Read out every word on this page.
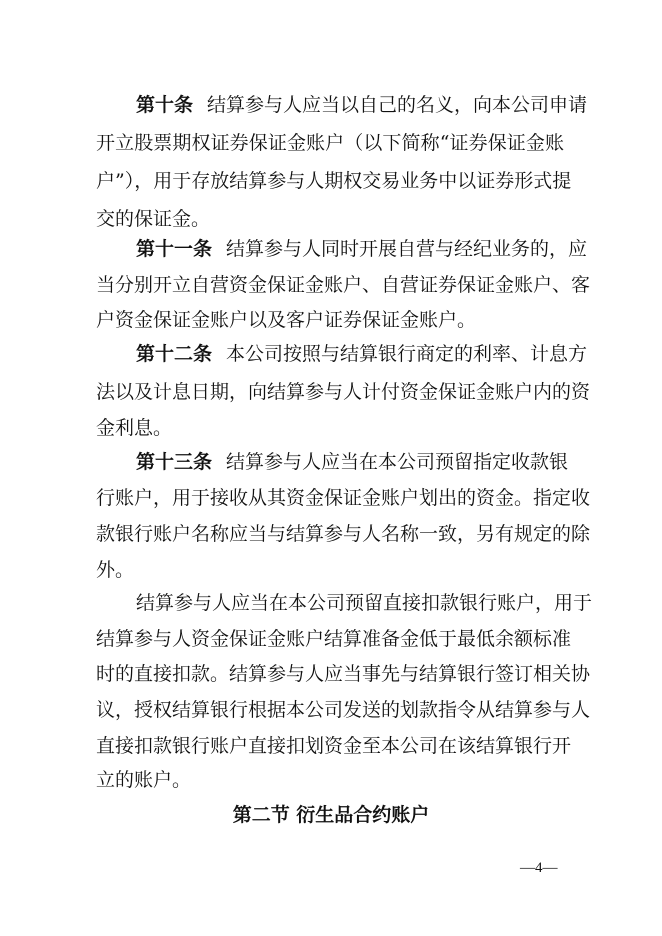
第十条 结算参与人应当以自己的名义，向本公司申请
开立股票期权证券保证金账户（以下简称“证券保证金账
户”），用于存放结算参与人期权交易业务中以证券形式提
交的保证金。
第十一条 结算参与人同时开展自营与经纪业务的，应
当分别开立自营资金保证金账户、自营证券保证金账户、客
户资金保证金账户以及客户证券保证金账户。
第十二条 本公司按照与结算银行商定的利率、计息方
法以及计息日期，向结算参与人计付资金保证金账户内的资
金利息。
第十三条 结算参与人应当在本公司预留指定收款银
行账户，用于接收从其资金保证金账户划出的资金。指定收
款银行账户名称应当与结算参与人名称一致，另有规定的除
外。
结算参与人应当在本公司预留直接扣款银行账户，用于
结算参与人资金保证金账户结算准备金低于最低余额标准
时的直接扣款。结算参与人应当事先与结算银行签订相关协
议，授权结算银行根据本公司发送的划款指令从结算参与人
直接扣款银行账户直接扣划资金至本公司在该结算银行开
立的账户。
第二节 衍生品合约账户
—4—
